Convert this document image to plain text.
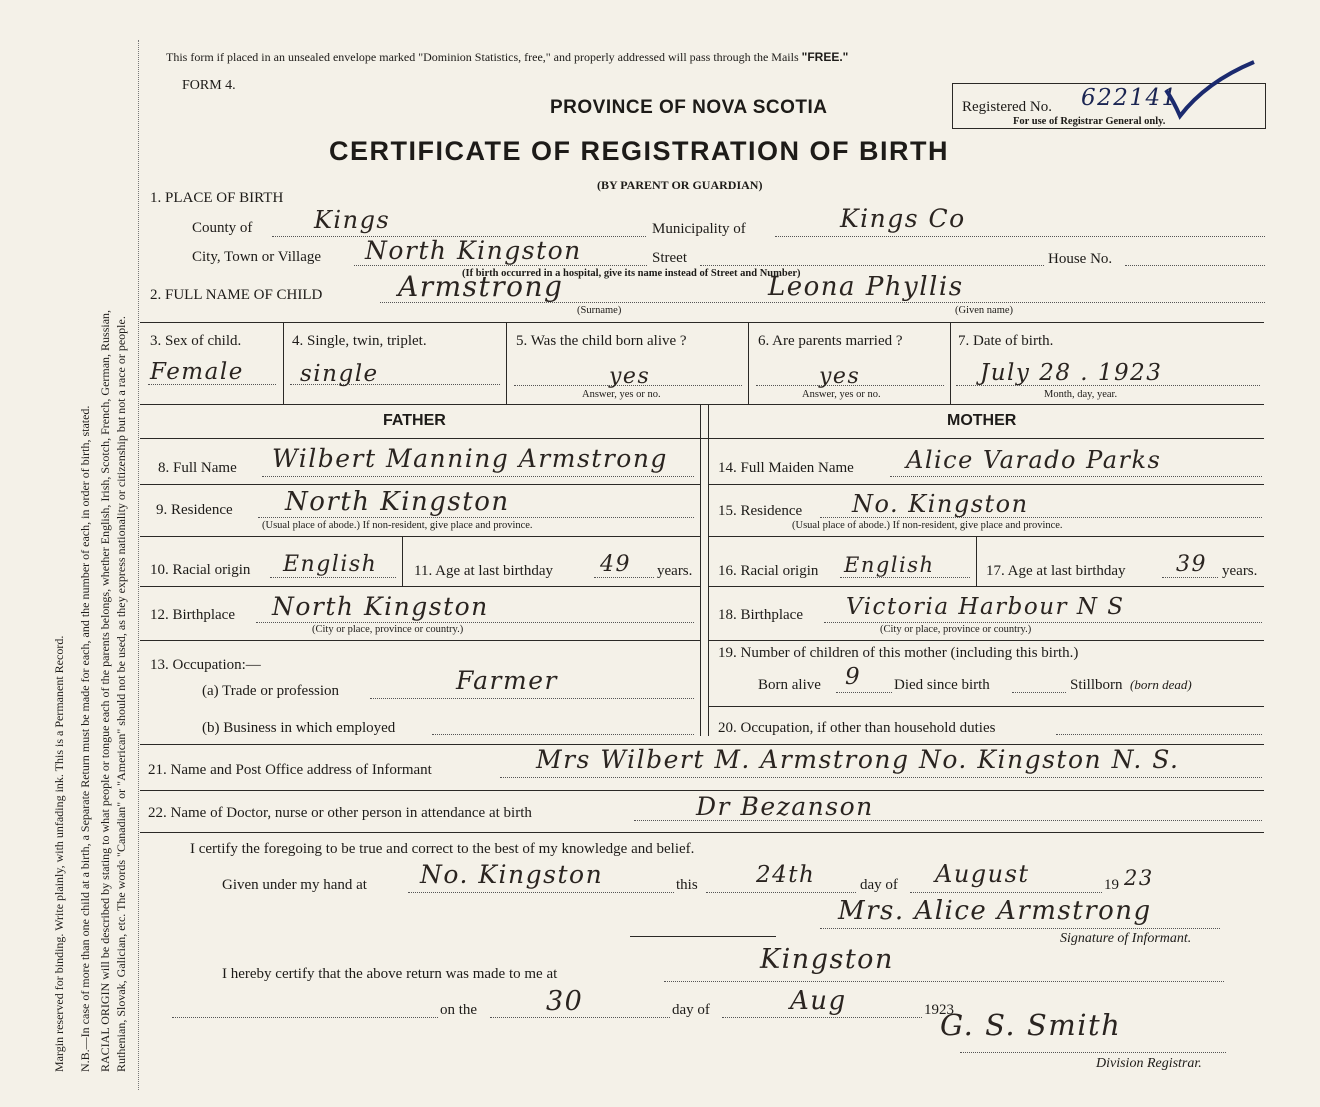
Margin reserved for binding. Write plainly, with unfading ink. This is a Permanent Record. N.B.—In case of more than one child at a birth, a Separate Return must be made for each, and the number of each, in order of birth, stated. RACIAL ORIGIN will be described by stating to what people or tongue each of the parents belongs, whether English, Irish, Scotch, French, German, Russian, Ruthenian, Slovak, Galician, etc. The words "Canadian" or "American" should not be used, as they express nationality or citizenship but not a race or people.
This form if placed in an unsealed envelope marked "Dominion Statistics, free," and properly addressed will pass through the Mails "FREE."
FORM 4.
PROVINCE OF NOVA SCOTIA
CERTIFICATE OF REGISTRATION OF BIRTH
(BY PARENT OR GUARDIAN)
Registered No. 622141
For use of Registrar General only.
1. PLACE OF BIRTH
County of	Kings	Municipality of	Kings Co
City, Town or Village North Kingston	Street	House No.
(If birth occurred in a hospital, give its name instead of Street and Number)
2. FULL NAME OF CHILD	Armstrong	Leona Phyllis
(Surname)	(Given name)
3. Sex of child.
Female
4. Single, twin, triplet.
single
5. Was the child born alive ?
yes
Answer, yes or no.
6. Are parents married ?
yes
Answer, yes or no.
7. Date of birth.
July 28 . 1923
Month, day, year.
FATHER	MOTHER
8. Full Name Wilbert Manning Armstrong	14. Full Maiden Name Alice Varado Parks
9. Residence North Kingston
(Usual place of abode.) If non-resident, give place and province.
15. Residence No. Kingston
(Usual place of abode.) If non-resident, give place and province.
10. Racial origin English 11. Age at last birthday 49 years. 16. Racial origin English	17. Age at last birthday 39 years.
12. Birthplace North Kingston
(City or place, province or country.)
18. Birthplace Victoria Harbour N S
(City or place, province or country.)
13. Occupation:—
(a) Trade or profession	Farmer
(b) Business in which employed
19. Number of children of this mother (including this birth.)
Born alive 9 Died since birth	Stillborn (born dead)
20. Occupation, if other than household duties
21. Name and Post Office address of Informant	Mrs Wilbert M. Armstrong No. Kingston N. S.
22. Name of Doctor, nurse or other person in attendance at birth	Dr Bezanson
I certify the foregoing to be true and correct to the best of my knowledge and belief.
Given under my hand at No. Kingston	this	24th	day of August	19 23
Mrs. Alice Armstrong
Signature of Informant.
I hereby certify that the above return was made to me at	Kingston
on the	30	day of	Aug	1923
G. S. Smith
Division Registrar.
